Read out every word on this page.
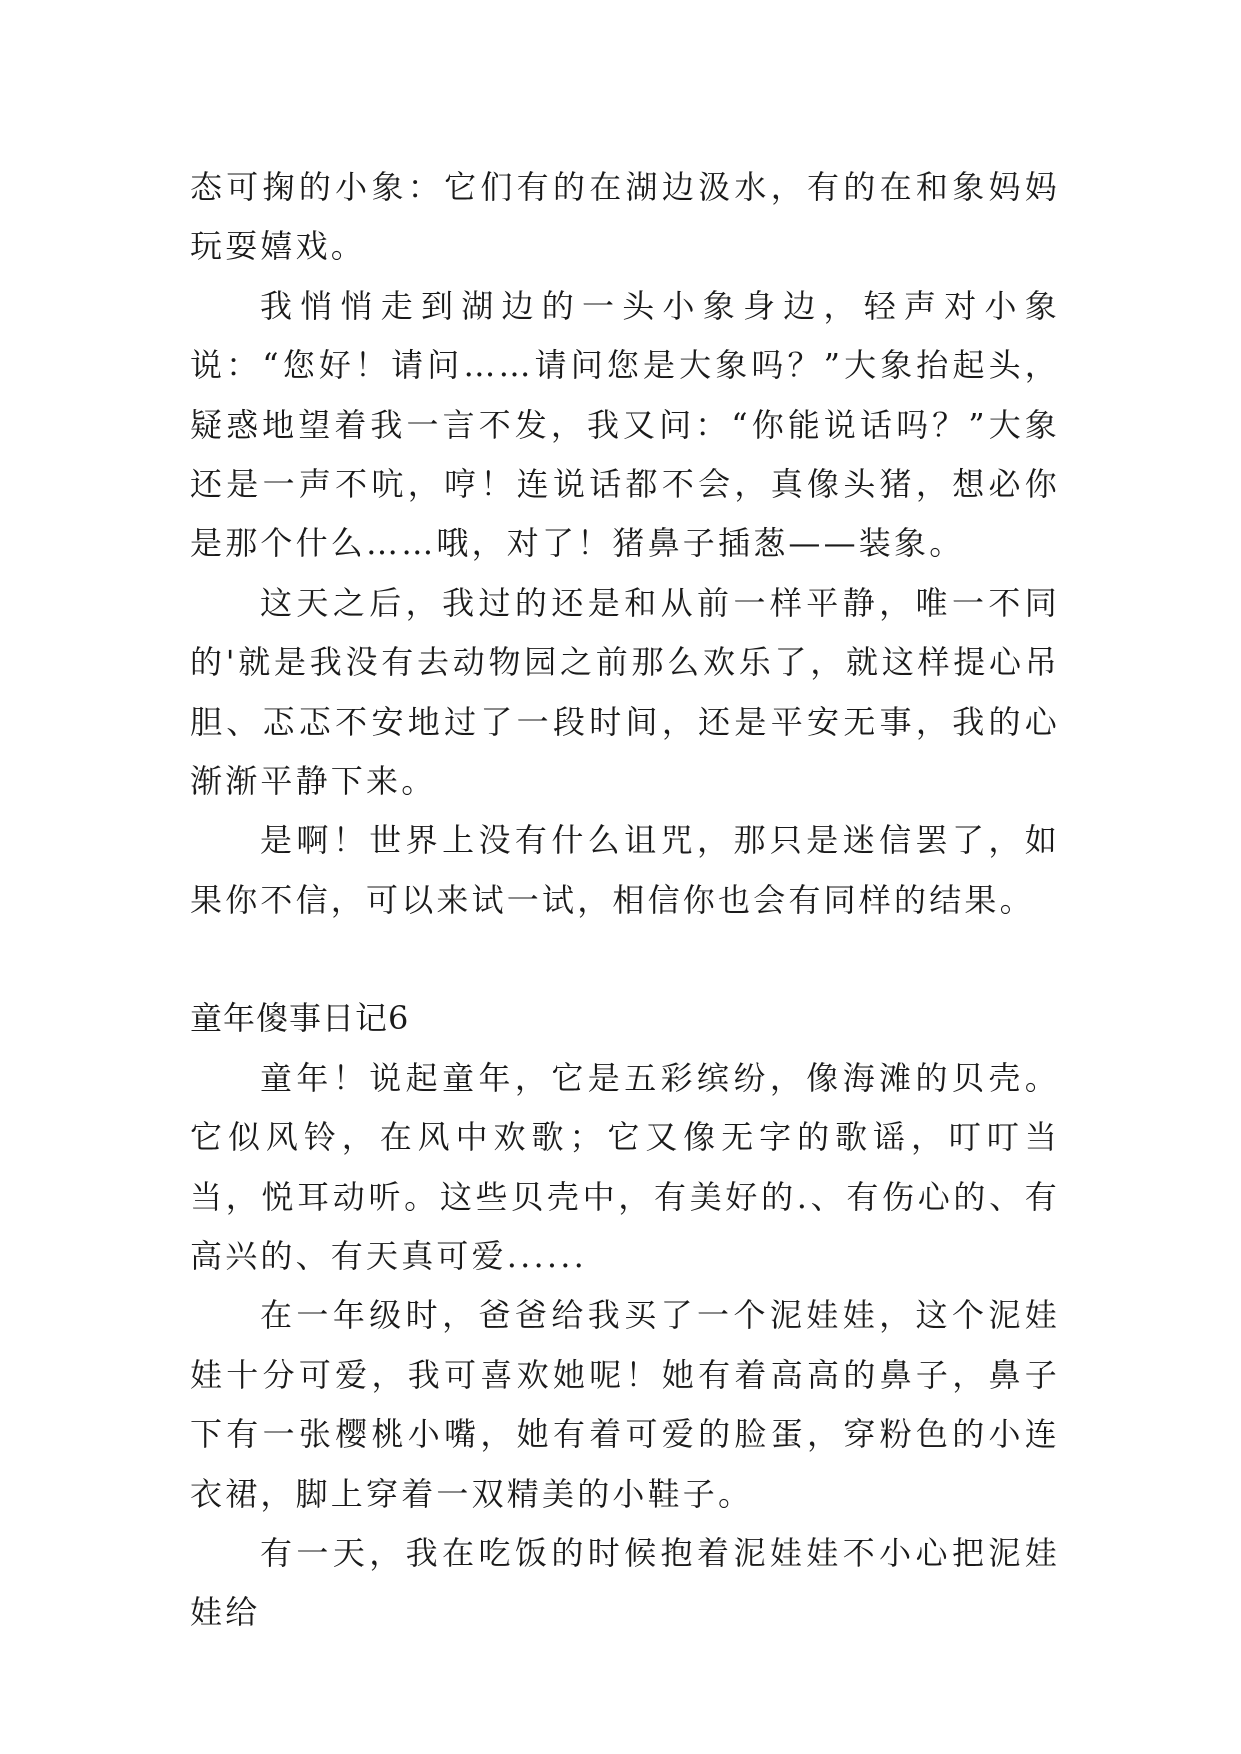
态可掬的小象：它们有的在湖边汲水，有的在和象妈妈玩耍嬉戏。

我悄悄走到湖边的一头小象身边，轻声对小象说：“您好！请问……请问您是大象吗？”大象抬起头，疑惑地望着我一言不发，我又问：“你能说话吗？”大象还是一声不吭，哼！连说话都不会，真像头猪，想必你是那个什么……哦，对了！猪鼻子插葱——装象。

这天之后，我过的还是和从前一样平静，唯一不同的'就是我没有去动物园之前那么欢乐了，就这样提心吊胆、忑忑不安地过了一段时间，还是平安无事，我的心渐渐平静下来。

是啊！世界上没有什么诅咒，那只是迷信罢了，如果你不信，可以来试一试，相信你也会有同样的结果。

童年傻事日记6

童年！说起童年，它是五彩缤纷，像海滩的贝壳。它似风铃，在风中欢歌；它又像无字的歌谣，叮叮当当，悦耳动听。这些贝壳中，有美好的.、有伤心的、有高兴的、有天真可爱......

在一年级时，爸爸给我买了一个泥娃娃，这个泥娃娃十分可爱，我可喜欢她呢！她有着高高的鼻子，鼻子下有一张樱桃小嘴，她有着可爱的脸蛋，穿粉色的小连衣裙，脚上穿着一双精美的小鞋子。

有一天，我在吃饭的时候抱着泥娃娃不小心把泥娃娃给
